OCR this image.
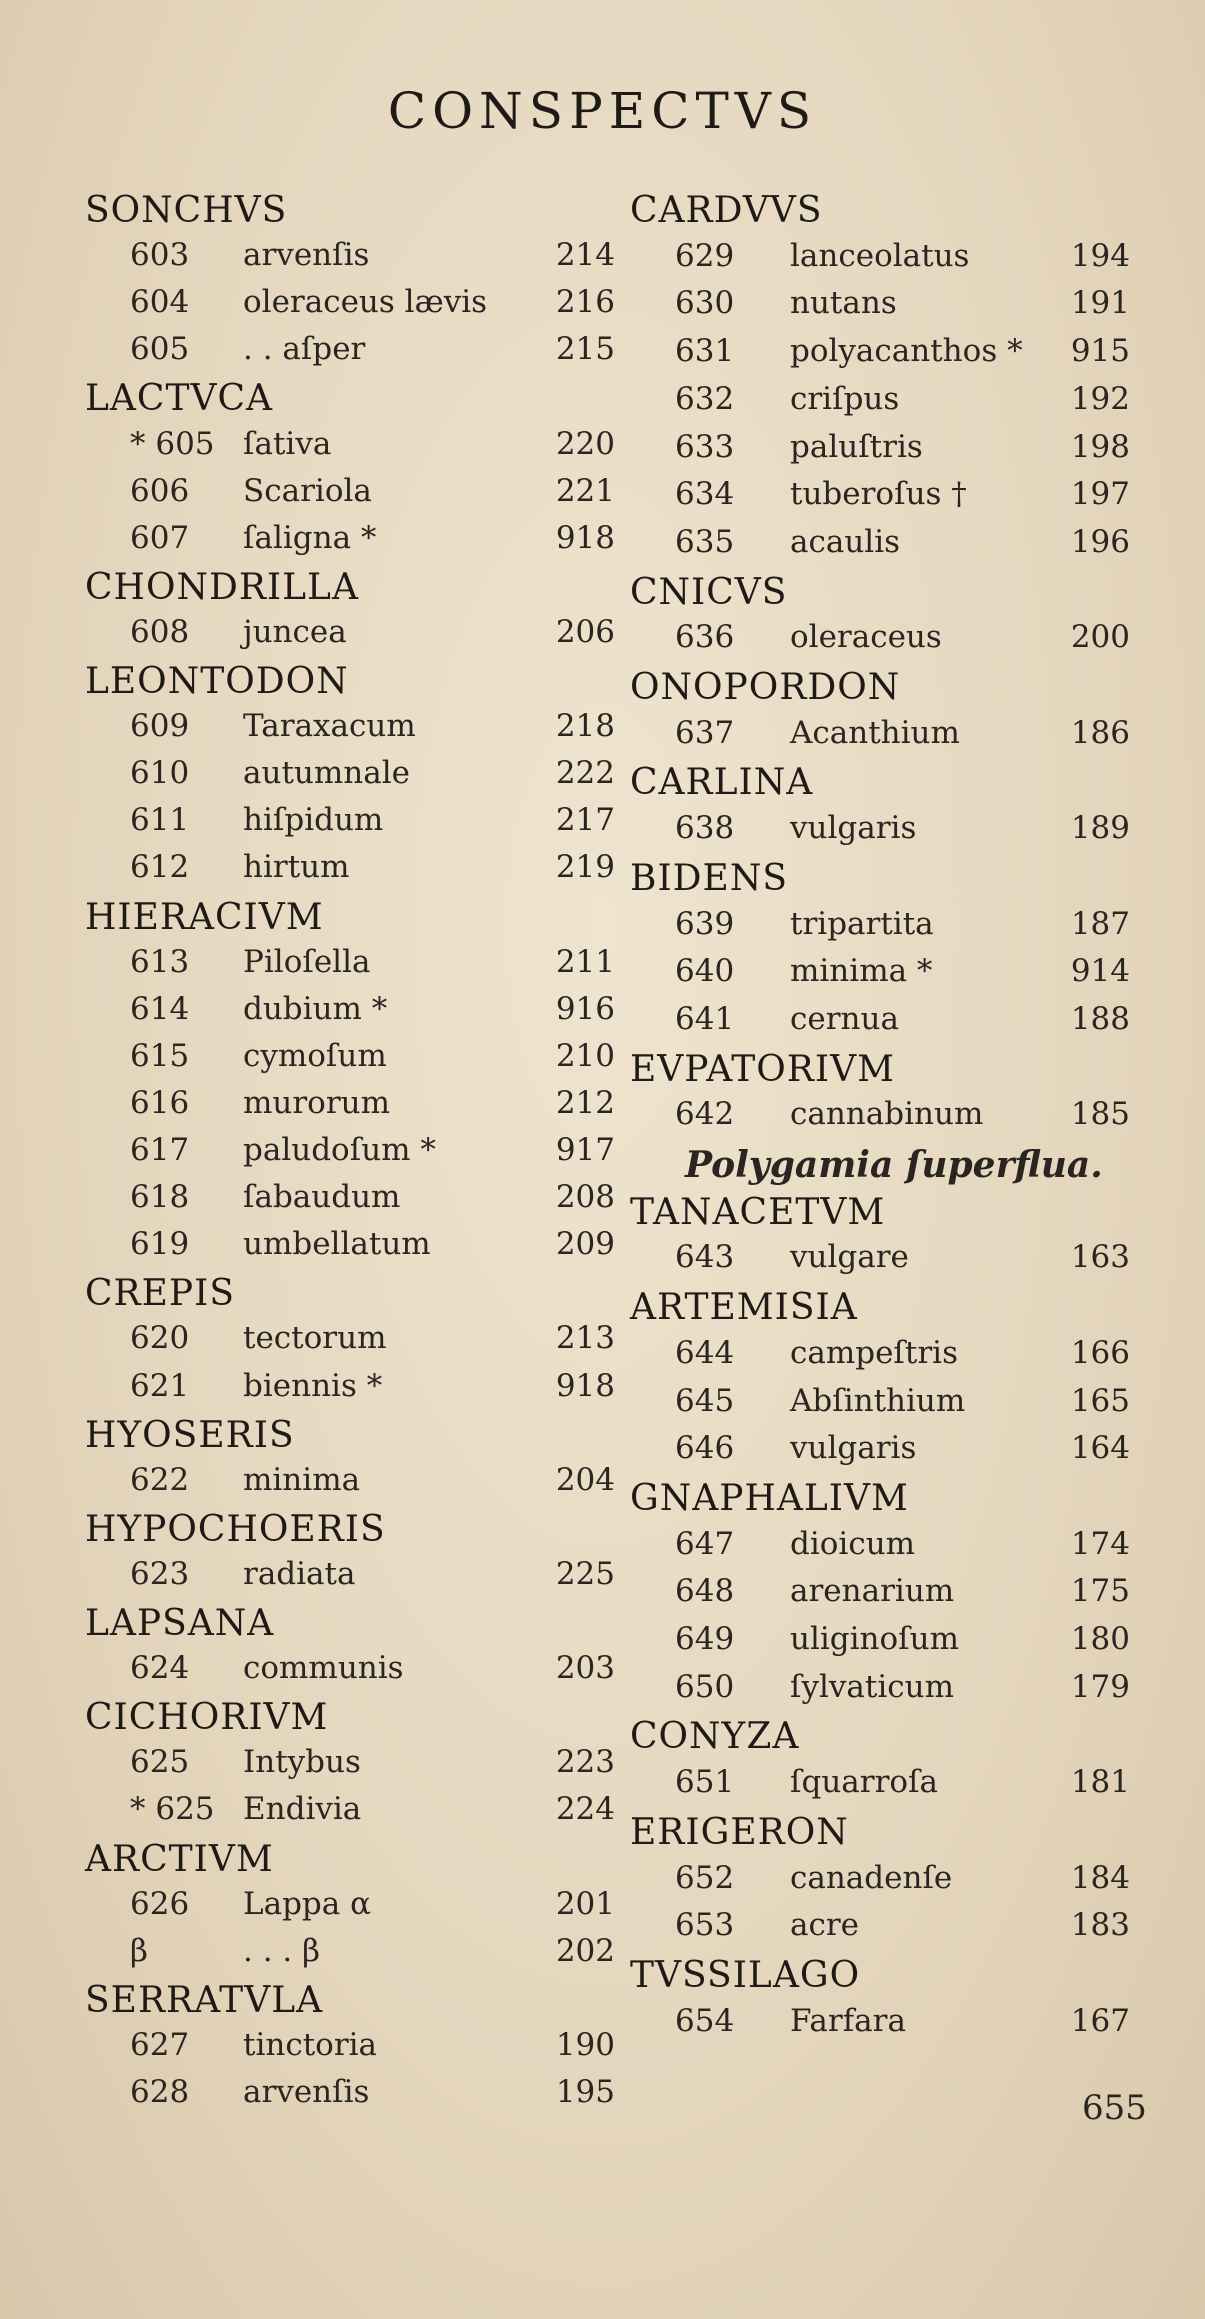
CONSPECTVS
SONCHVS
603 arvenſis	214
604 oleraceus lævis 216
605 . . aſper	215
LACTVCA
* 605 ſativa	220
606 Scariola	221
607 ſaligna *	918
CHONDRILLA
608 juncea	206
LEONTODON
609 Taraxacum	218
610 autumnale	222
611 hiſpidum	217
612 hirtum	219
HIERACIVM
613 Piloſella	211
614 dubium *	916
615 cymoſum	210
616 murorum	212
617 paludoſum *	917
618 ſabaudum	208
619 umbellatum	209
CREPIS
620 tectorum	213
621 biennis *	918
HYOSERIS
622 minima	204
HYPOCHOERIS
623 radiata	225
LAPSANA
624 communis	203
CICHORIVM
625 Intybus	223
* 625 Endivia	224
ARCTIVM
626 Lappa α	201
β	. . . β	202
SERRATVLA
627 tinctoria	190
628 arvenſis	195
CARDVVS
629 lanceolatus	194
630 nutans	191
631 polyacanthos * 915
632 criſpus	192
633 paluſtris	198
634 tuberoſus †	197
635 acaulis	196
CNICVS
636 oleraceus	200
ONOPORDON
637 Acanthium	186
CARLINA
638 vulgaris	189
BIDENS
639 tripartita	187
640 minima *	914
641 cernua	188
EVPATORIVM
642 cannabinum	185
Polygamia ſuperflua.
TANACETVM
643 vulgare	163
ARTEMISIA
644 campeſtris	166
645 Abſinthium	165
646 vulgaris	164
GNAPHALIVM
647 dioicum	174
648 arenarium	175
649 uliginoſum	180
650 ſylvaticum	179
CONYZA
651 ſquarroſa	181
ERIGERON
652 canadenſe	184
653 acre	183
TVSSILAGO
654 Farfara	167
655
